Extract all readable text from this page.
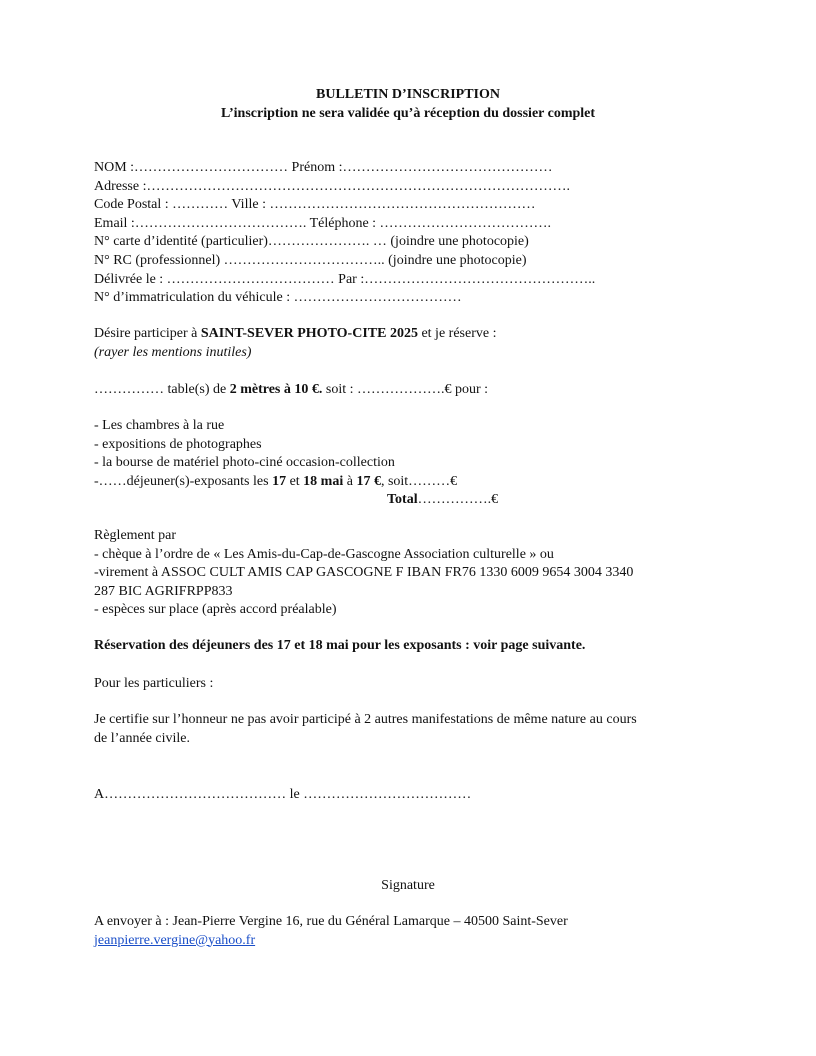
BULLETIN D’INSCRIPTION
L’inscription ne sera validée qu’à réception du dossier complet
NOM :…………………………… Prénom :………………………………………
Adresse :……………………………………………………………………………….
Code Postal : ………… Ville : …………………………………………………
Email :………………………………. Téléphone : ……………………………….
N° carte d’identité (particulier)…………………. … (joindre une photocopie)
N° RC (professionnel) …………………………….. (joindre une photocopie)
Délivrée le : ……………………………… Par :…………………………………………..
N° d’immatriculation du véhicule : ………………………………
Désire participer à SAINT-SEVER PHOTO-CITE 2025 et je réserve :
(rayer les mentions inutiles)
…………… table(s) de 2 mètres à 10 €. soit : ……………….€ pour :
- Les chambres à la rue
- expositions de photographes
- la bourse de matériel photo-ciné occasion-collection
-……déjeuner(s)-exposants les 17 et 18 mai à 17 €, soit………€
Total…………….€
Règlement par
- chèque à l’ordre de « Les Amis-du-Cap-de-Gascogne Association culturelle » ou
-virement à ASSOC CULT AMIS CAP GASCOGNE F IBAN FR76 1330 6009 9654 3004 3340
287 BIC AGRIFRPP833
- espèces sur place (après accord préalable)
Réservation des déjeuners des 17 et 18 mai pour les exposants : voir page suivante.
Pour les particuliers :
Je certifie sur l’honneur ne pas avoir participé à 2 autres manifestations de même nature au cours
de l’année civile.
A………………………………… le ………………………………
Signature
A envoyer à : Jean-Pierre Vergine 16, rue du Général Lamarque – 40500 Saint-Sever
jeanpierre.vergine@yahoo.fr
